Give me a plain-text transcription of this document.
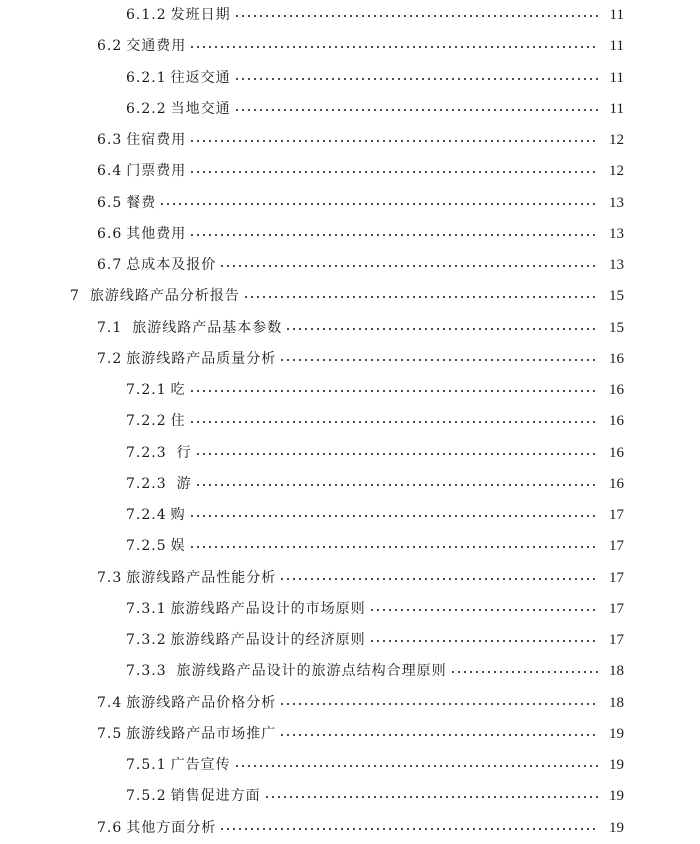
6.1.2 发班日期	11
6.2 交通费用	11
6.2.1 往返交通	11
6.2.2 当地交通	11
6.3 住宿费用	12
6.4 门票费用	12
6.5 餐费	13
6.6 其他费用	13
6.7 总成本及报价	13
7 旅游线路产品分析报告	15
7.1 旅游线路产品基本参数	15
7.2 旅游线路产品质量分析	16
7.2.1 吃	16
7.2.2 住	16
7.2.3 行	16
7.2.3 游	16
7.2.4 购	17
7.2.5 娱	17
7.3 旅游线路产品性能分析	17
7.3.1 旅游线路产品设计的市场原则	17
7.3.2 旅游线路产品设计的经济原则	17
7.3.3 旅游线路产品设计的旅游点结构合理原则	18
7.4 旅游线路产品价格分析	18
7.5 旅游线路产品市场推广	19
7.5.1 广告宣传	19
7.5.2 销售促进方面	19
7.6 其他方面分析	19
